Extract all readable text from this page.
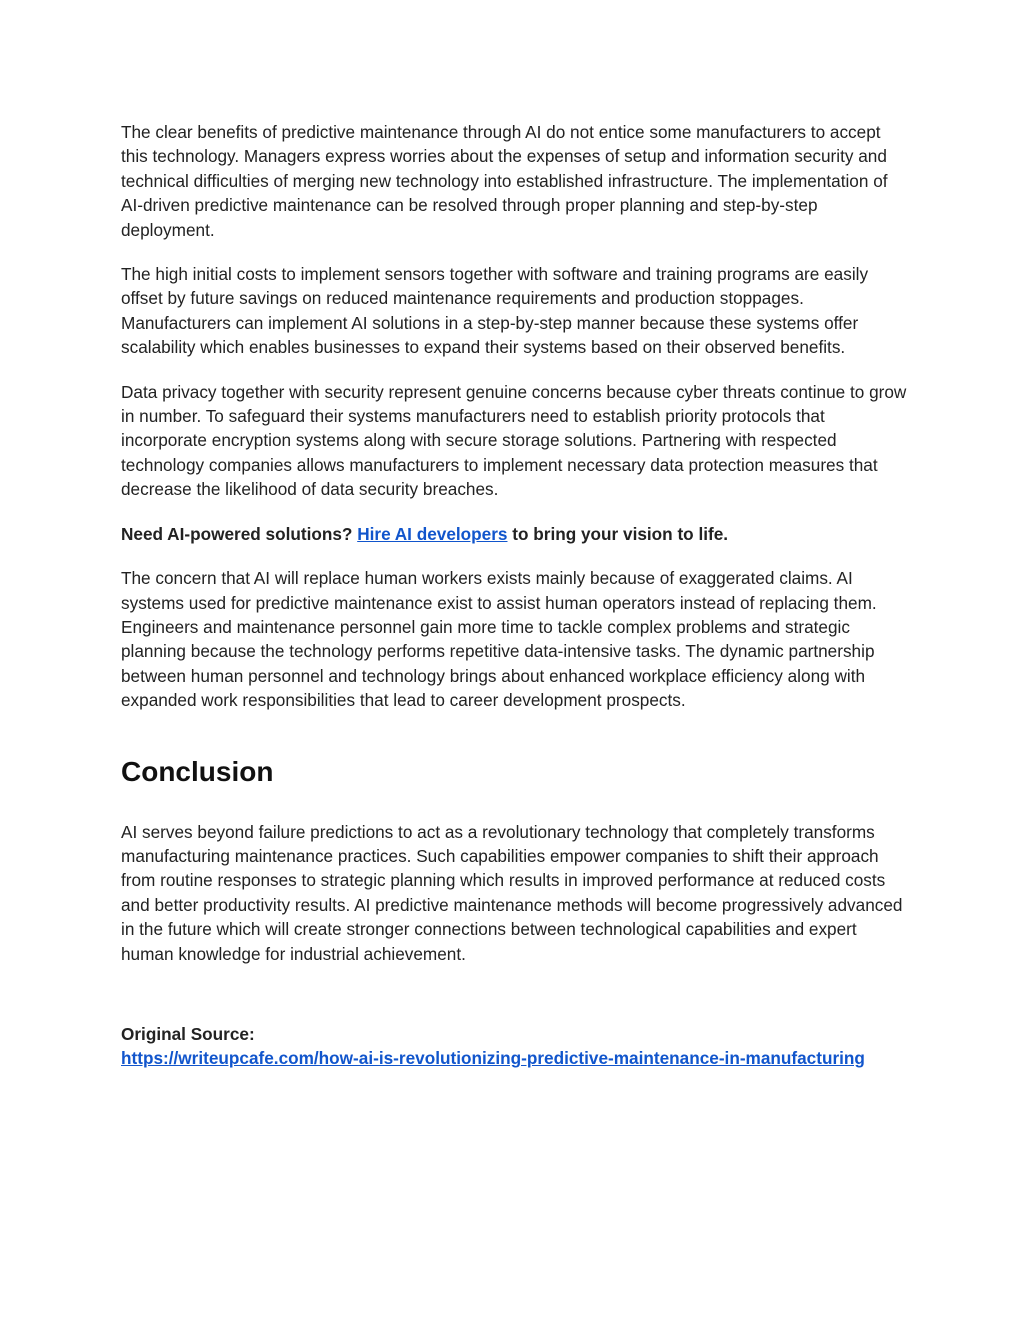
The clear benefits of predictive maintenance through AI do not entice some manufacturers to accept this technology. Managers express worries about the expenses of setup and information security and technical difficulties of merging new technology into established infrastructure. The implementation of AI-driven predictive maintenance can be resolved through proper planning and step-by-step deployment.

The high initial costs to implement sensors together with software and training programs are easily offset by future savings on reduced maintenance requirements and production stoppages. Manufacturers can implement AI solutions in a step-by-step manner because these systems offer scalability which enables businesses to expand their systems based on their observed benefits.

Data privacy together with security represent genuine concerns because cyber threats continue to grow in number. To safeguard their systems manufacturers need to establish priority protocols that incorporate encryption systems along with secure storage solutions. Partnering with respected technology companies allows manufacturers to implement necessary data protection measures that decrease the likelihood of data security breaches.

Need AI-powered solutions? Hire AI developers to bring your vision to life.

The concern that AI will replace human workers exists mainly because of exaggerated claims. AI systems used for predictive maintenance exist to assist human operators instead of replacing them. Engineers and maintenance personnel gain more time to tackle complex problems and strategic planning because the technology performs repetitive data-intensive tasks. The dynamic partnership between human personnel and technology brings about enhanced workplace efficiency along with expanded work responsibilities that lead to career development prospects.

Conclusion

AI serves beyond failure predictions to act as a revolutionary technology that completely transforms manufacturing maintenance practices. Such capabilities empower companies to shift their approach from routine responses to strategic planning which results in improved performance at reduced costs and better productivity results. AI predictive maintenance methods will become progressively advanced in the future which will create stronger connections between technological capabilities and expert human knowledge for industrial achievement.

Original Source:
https://writeupcafe.com/how-ai-is-revolutionizing-predictive-maintenance-in-manufacturing
